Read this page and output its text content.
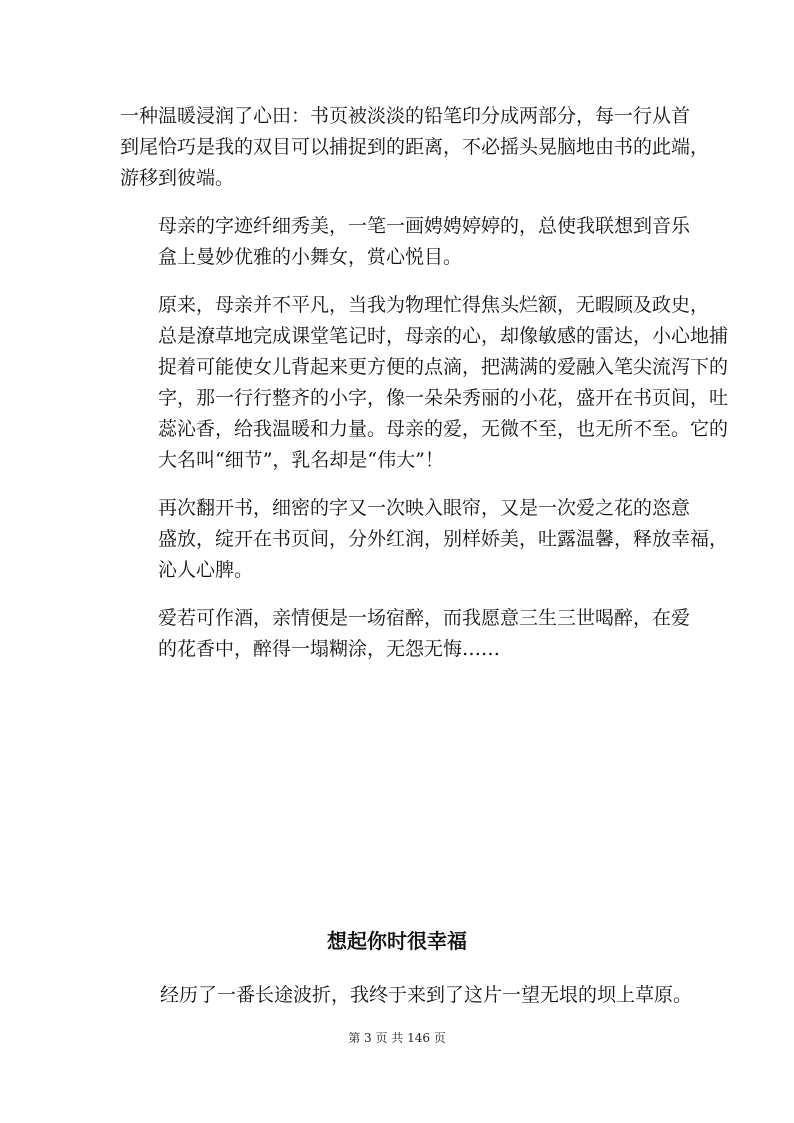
一种温暖浸润了心田：书页被淡淡的铅笔印分成两部分，每一行从首
到尾恰巧是我的双目可以捕捉到的距离，不必摇头晃脑地由书的此端，
游移到彼端。

母亲的字迹纤细秀美，一笔一画娉娉婷婷的，总使我联想到音乐
盒上曼妙优雅的小舞女，赏心悦目。

原来，母亲并不平凡，当我为物理忙得焦头烂额，无暇顾及政史，
总是潦草地完成课堂笔记时，母亲的心，却像敏感的雷达，小心地捕
捉着可能使女儿背起来更方便的点滴，把满满的爱融入笔尖流泻下的
字，那一行行整齐的小字，像一朵朵秀丽的小花，盛开在书页间，吐
蕊沁香，给我温暖和力量。母亲的爱，无微不至，也无所不至。它的
大名叫“细节”，乳名却是“伟大”！

再次翻开书，细密的字又一次映入眼帘，又是一次爱之花的恣意
盛放，绽开在书页间，分外红润，别样娇美，吐露温馨，释放幸福，
沁人心脾。

爱若可作酒，亲情便是一场宿醉，而我愿意三生三世喝醉，在爱
的花香中，醉得一塌糊涂，无怨无悔……

想起你时很幸福

经历了一番长途波折，我终于来到了这片一望无垠的坝上草原。

第 3 页 共 146 页
